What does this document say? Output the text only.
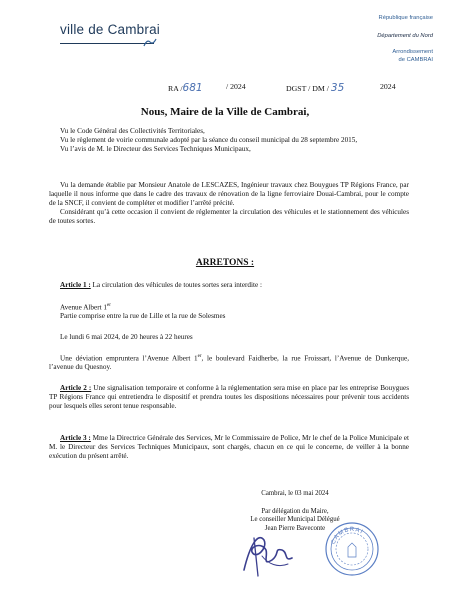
ville de Cambrai
République française
Département du Nord
Arrondissement
de CAMBRAI
RA /681	/ 2024	DGST / DM / 35	2024
Nous, Maire de la Ville de Cambrai,

Vu le Code Général des Collectivités Territoriales,

Vu le règlement de voirie communale adopté par la séance du conseil municipal du 28 septembre 2015,

Vu l’avis de M. le Directeur des Services Techniques Municipaux,

Vu la demande établie par Monsieur Anatole de LESCAZES, Ingénieur travaux chez Bouygues TP Régions France, par laquelle il nous informe que dans le cadre des travaux de rénovation de la ligne ferroviaire Douai-Cambrai, pour le compte de la SNCF, il convient de compléter et modifier l’arrêté précité.

Considérant qu’à cette occasion il convient de réglementer la circulation des véhicules et le stationnement des véhicules de toutes sortes.

ARRETONS :

Article 1 : La circulation des véhicules de toutes sortes sera interdite :

Avenue Albert 1er

Partie comprise entre la rue de Lille et la rue de Solesmes

Le lundi 6 mai 2024, de 20 heures à 22 heures

Une déviation empruntera l’Avenue Albert 1er, le boulevard Faidherbe, la rue Froissart, l’Avenue de Dunkerque, l’avenue du Quesnoy.

Article 2 : Une signalisation temporaire et conforme à la réglementation sera mise en place par les entreprise Bouygues TP Régions France qui entretiendra le dispositif et prendra toutes les dispositions nécessaires pour prévenir tous accidents pour lesquels elles seront tenue responsable.

Article 3 : Mme la Directrice Générale des Services, Mr le Commissaire de Police, Mr le chef de la Police Municipale et M. le Directeur des Services Techniques Municipaux, sont chargés, chacun en ce qui le concerne, de veiller à la bonne exécution du présent arrêté.

Cambrai, le 03 mai 2024
Par délégation du Maire,
Le conseiller Municipal Délégué
Jean Pierre Baveconte
CAMBRAI
